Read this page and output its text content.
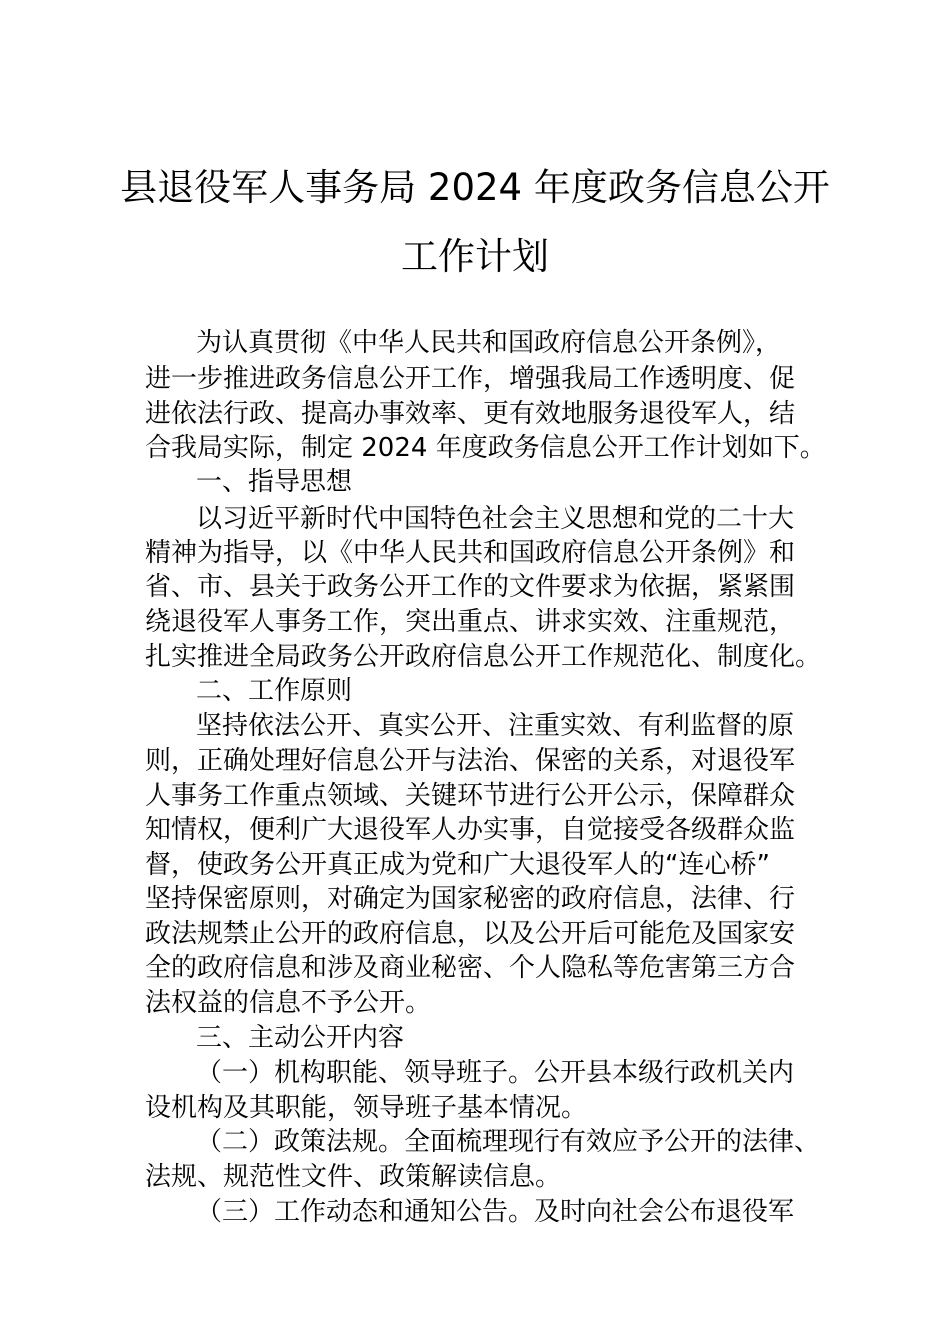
县退役军人事务局 2024 年度政务信息公开
工作计划
为认真贯彻《中华人民共和国政府信息公开条例》，
进一步推进政务信息公开工作，增强我局工作透明度、促
进依法行政、提高办事效率、更有效地服务退役军人，结
合我局实际，制定 2024 年度政务信息公开工作计划如下。
一、指导思想
以习近平新时代中国特色社会主义思想和党的二十大
精神为指导，以《中华人民共和国政府信息公开条例》和
省、市、县关于政务公开工作的文件要求为依据，紧紧围
绕退役军人事务工作，突出重点、讲求实效、注重规范，
扎实推进全局政务公开政府信息公开工作规范化、制度化。
二、工作原则
坚持依法公开、真实公开、注重实效、有利监督的原
则，正确处理好信息公开与法治、保密的关系，对退役军
人事务工作重点领域、关键环节进行公开公示，保障群众
知情权，便利广大退役军人办实事，自觉接受各级群众监
督，使政务公开真正成为党和广大退役军人的“连心桥”
坚持保密原则，对确定为国家秘密的政府信息，法律、行
政法规禁止公开的政府信息，以及公开后可能危及国家安
全的政府信息和涉及商业秘密、个人隐私等危害第三方合
法权益的信息不予公开。
三、主动公开内容
（一）机构职能、领导班子。公开县本级行政机关内
设机构及其职能，领导班子基本情况。
（二）政策法规。全面梳理现行有效应予公开的法律、
法规、规范性文件、政策解读信息。
（三）工作动态和通知公告。及时向社会公布退役军
